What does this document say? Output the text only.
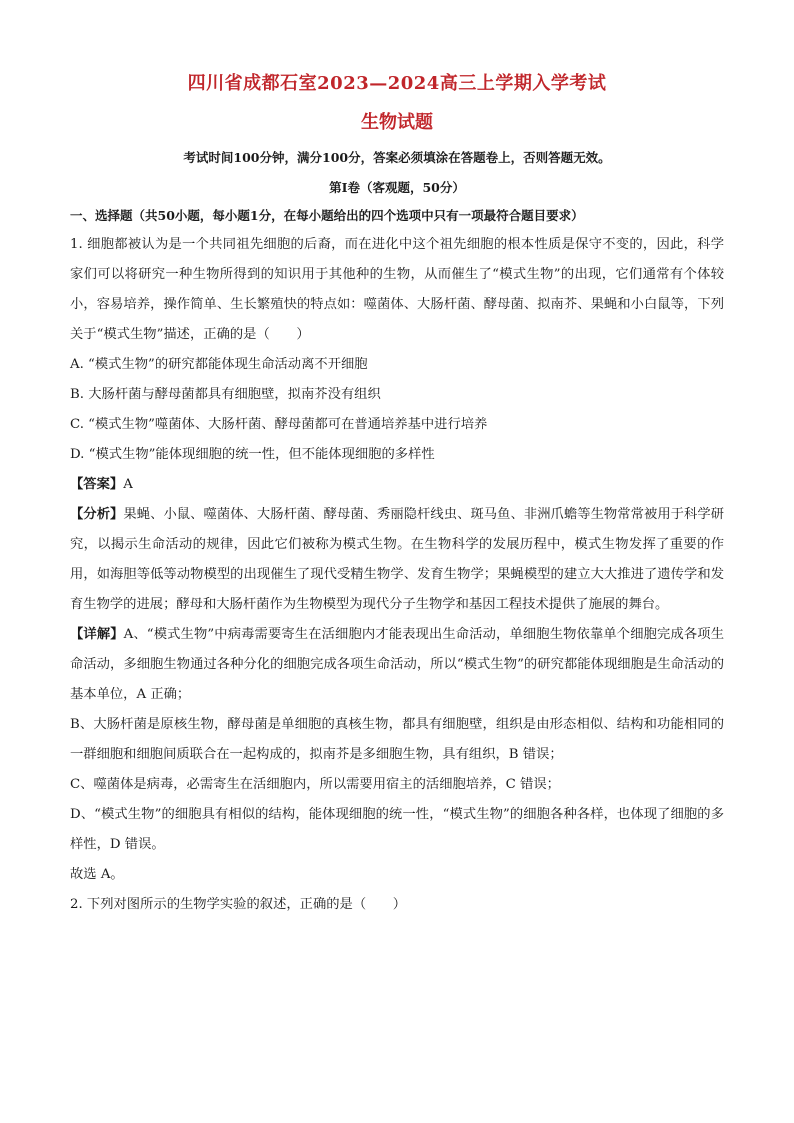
四川省成都石室2023—2024高三上学期入学考试
生物试题
考试时间100分钟，满分100分，答案必须填涂在答题卷上，否则答题无效。
第Ⅰ卷（客观题，50分）
一、选择题（共50小题，每小题1分，在每小题给出的四个选项中只有一项最符合题目要求）

1. 细胞都被认为是一个共同祖先细胞的后裔，而在进化中这个祖先细胞的根本性质是保守不变的，因此，科学家们可以将研究一种生物所得到的知识用于其他种的生物，从而催生了“模式生物”的出现，它们通常有个体较小，容易培养，操作简单、生长繁殖快的特点如：噬菌体、大肠杆菌、酵母菌、拟南芥、果蝇和小白鼠等，下列关于“模式生物”描述，正确的是（　　）

A. “模式生物”的研究都能体现生命活动离不开细胞

B. 大肠杆菌与酵母菌都具有细胞壁，拟南芥没有组织

C. “模式生物”噬菌体、大肠杆菌、酵母菌都可在普通培养基中进行培养

D. “模式生物”能体现细胞的统一性，但不能体现细胞的多样性

【答案】A

【分析】果蝇、小鼠、噬菌体、大肠杆菌、酵母菌、秀丽隐杆线虫、斑马鱼、非洲爪蟾等生物常常被用于科学研究，以揭示生命活动的规律，因此它们被称为模式生物。在生物科学的发展历程中，模式生物发挥了重要的作用，如海胆等低等动物模型的出现催生了现代受精生物学、发育生物学；果蝇模型的建立大大推进了遗传学和发育生物学的进展；酵母和大肠杆菌作为生物模型为现代分子生物学和基因工程技术提供了施展的舞台。

【详解】A、“模式生物”中病毒需要寄生在活细胞内才能表现出生命活动，单细胞生物依靠单个细胞完成各项生命活动，多细胞生物通过各种分化的细胞完成各项生命活动，所以“模式生物”的研究都能体现细胞是生命活动的基本单位，A 正确；

B、大肠杆菌是原核生物，酵母菌是单细胞的真核生物，都具有细胞壁，组织是由形态相似、结构和功能相同的一群细胞和细胞间质联合在一起构成的，拟南芥是多细胞生物，具有组织，B 错误；

C、噬菌体是病毒，必需寄生在活细胞内，所以需要用宿主的活细胞培养，C 错误；

D、“模式生物”的细胞具有相似的结构，能体现细胞的统一性，“模式生物”的细胞各种各样，也体现了细胞的多样性，D 错误。

故选 A。

2. 下列对图所示的生物学实验的叙述，正确的是（　　）
